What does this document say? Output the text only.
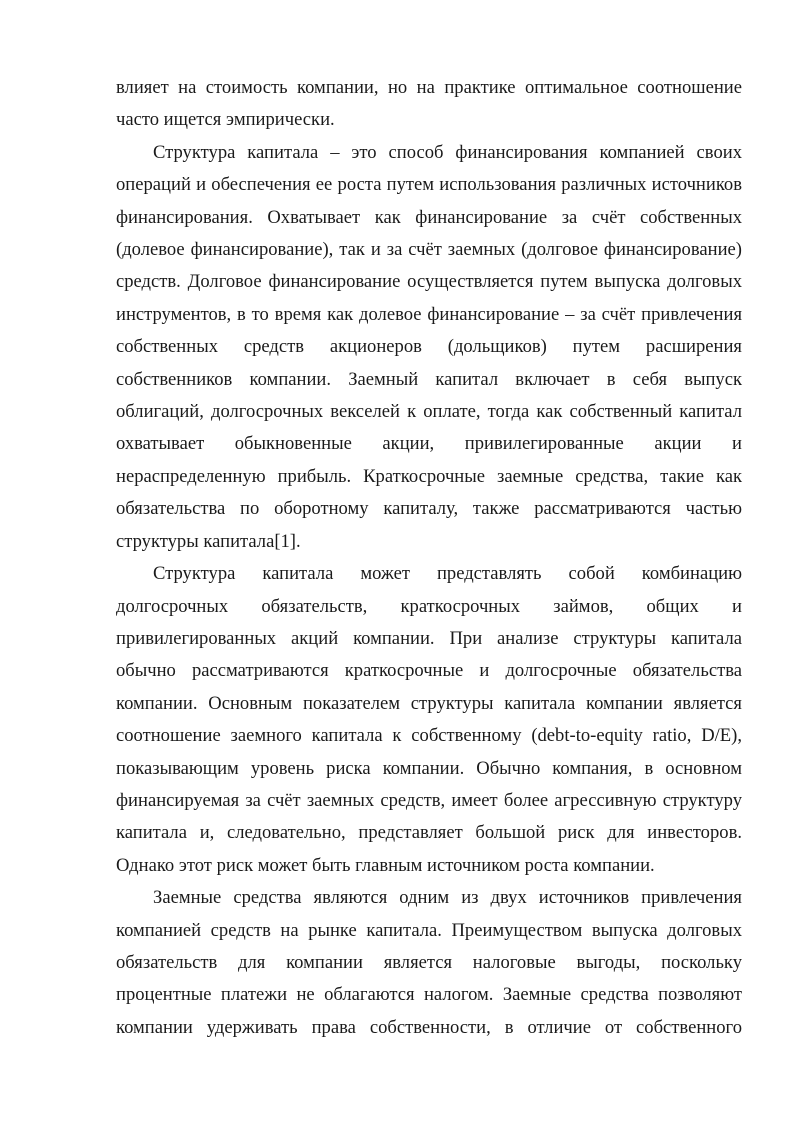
влияет на стоимость компании, но на практике оптимальное соотношение часто ищется эмпирически.

Структура капитала – это способ финансирования компанией своих операций и обеспечения ее роста путем использования различных источников финансирования. Охватывает как финансирование за счёт собственных (долевое финансирование), так и за счёт заемных (долговое финансирование) средств. Долговое финансирование осуществляется путем выпуска долговых инструментов, в то время как долевое финансирование – за счёт привлечения собственных средств акционеров (дольщиков) путем расширения собственников компании. Заемный капитал включает в себя выпуск облигаций, долгосрочных векселей к оплате, тогда как собственный капитал охватывает обыкновенные акции, привилегированные акции и нераспределенную прибыль. Краткосрочные заемные средства, такие как обязательства по оборотному капиталу, также рассматриваются частью структуры капитала[1].

Структура капитала может представлять собой комбинацию долгосрочных обязательств, краткосрочных займов, общих и привилегированных акций компании. При анализе структуры капитала обычно рассматриваются краткосрочные и долгосрочные обязательства компании. Основным показателем структуры капитала компании является соотношение заемного капитала к собственному (debt-to-equity ratio, D/E), показывающим уровень риска компании. Обычно компания, в основном финансируемая за счёт заемных средств, имеет более агрессивную структуру капитала и, следовательно, представляет большой риск для инвесторов. Однако этот риск может быть главным источником роста компании.

Заемные средства являются одним из двух источников привлечения компанией средств на рынке капитала. Преимуществом выпуска долговых обязательств для компании является налоговые выгоды, поскольку процентные платежи не облагаются налогом. Заемные средства позволяют компании удерживать права собственности, в отличие от собственного
